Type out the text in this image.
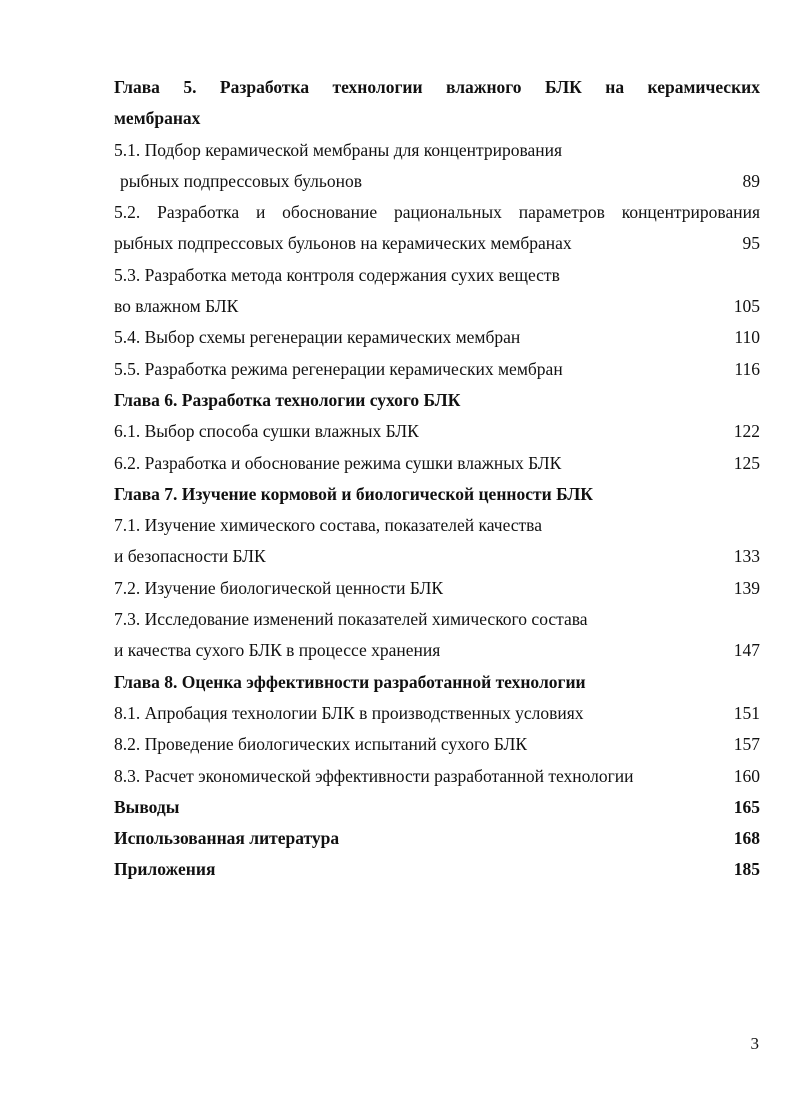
Глава 5. Разработка технологии влажного БЛК на керамических
мембранах
5.1. Подбор керамической мембраны для концентрирования
рыбных подпрессовых бульонов	89
5.2. Разработка и обоснование рациональных параметров концентрирования
рыбных подпрессовых бульонов на керамических мембранах	95
5.3. Разработка метода контроля содержания сухих веществ
во влажном БЛК	105
5.4. Выбор схемы регенерации керамических мембран	110
5.5. Разработка режима регенерации керамических мембран	116
Глава 6. Разработка технологии сухого БЛК
6.1. Выбор способа сушки влажных БЛК	122
6.2. Разработка и обоснование режима сушки влажных БЛК	125
Глава 7. Изучение кормовой и биологической ценности БЛК
7.1. Изучение химического состава, показателей качества
и безопасности БЛК	133
7.2. Изучение биологической ценности БЛК	139
7.3. Исследование изменений показателей химического состава
и качества сухого БЛК в процессе хранения	147
Глава 8. Оценка эффективности разработанной технологии
8.1. Апробация технологии БЛК в производственных условиях	151
8.2. Проведение биологических испытаний сухого БЛК	157
8.3. Расчет экономической эффективности разработанной технологии	160
Выводы	165
Использованная литература	168
Приложения	185
3
